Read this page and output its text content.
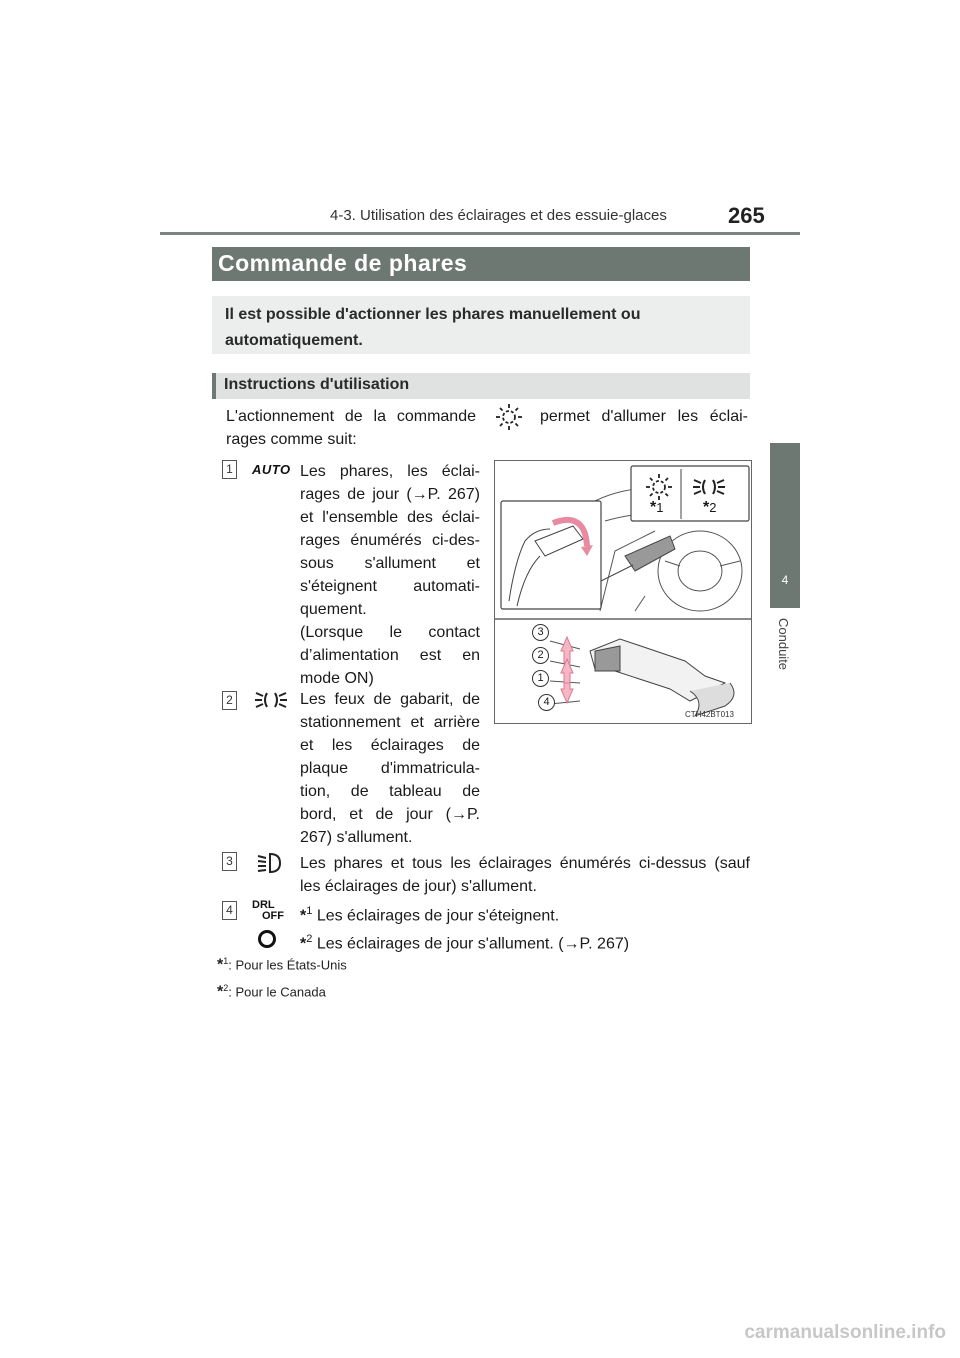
4-3. Utilisation des éclairages et des essuie-glaces	265
4
Conduite
Commande de phares
Il est possible d'actionner les phares manuellement ou automatiquement.
Instructions d'utilisation
L'actionnement de la commande	permet d'allumer les éclai-
rages comme suit:
1	AUTO Les phares, les éclai-
rages de jour (→P. 267)
et l'ensemble des éclai-
rages énumérés ci-des-
sous s'allument et
s'éteignent automati-
quement.
(Lorsque le contact
d’alimentation est en
mode ON)
2	Les feux de gabarit, de
stationnement et arrière
et les éclairages de
plaque d'immatricula-
tion, de tableau de
bord, et de jour (→P.
267) s'allument.
*1 *2
3
2
1
4
CTH42BT013
3	Les phares et tous les éclairages énumérés ci-dessus (sauf
les éclairages de jour) s'allument.
4	DRL
OFF *$^1$ Les éclairages de jour s'éteignent.
*$^2$ Les éclairages de jour s'allument. (→P. 267)
*$^1$: Pour les États-Unis
*$^2$: Pour le Canada
carmanualsonline.info
